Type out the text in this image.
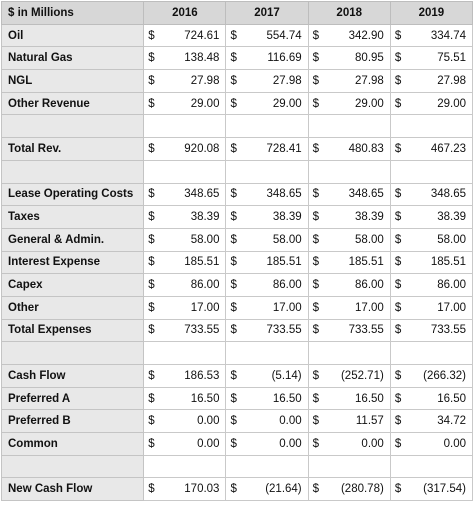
$ in Millions	2016	2017	2018	2019
Oil	$ 724.61	$ 554.74	$ 342.90	$ 334.74
Natural Gas	$ 138.48	$ 116.69	$ 80.95	$ 75.51
NGL	$ 27.98	$ 27.98	$ 27.98	$ 27.98
Other Revenue	$ 29.00	$ 29.00	$ 29.00	$ 29.00

Total Rev.	$ 920.08	$ 728.41	$ 480.83	$ 467.23

Lease Operating Costs	$ 348.65	$ 348.65	$ 348.65	$ 348.65
Taxes	$ 38.39	$ 38.39	$ 38.39	$ 38.39
General & Admin.	$ 58.00	$ 58.00	$ 58.00	$ 58.00
Interest Expense	$ 185.51	$ 185.51	$ 185.51	$ 185.51
Capex	$ 86.00	$ 86.00	$ 86.00	$ 86.00
Other	$ 17.00	$ 17.00	$ 17.00	$ 17.00
Total Expenses	$ 733.55	$ 733.55	$ 733.55	$ 733.55

Cash Flow	$ 186.53	$ (5.14)	$ (252.71)	$ (266.32)
Preferred A	$ 16.50	$ 16.50	$ 16.50	$ 16.50
Preferred B	$ 0.00	$ 0.00	$ 11.57	$ 34.72
Common	$ 0.00	$ 0.00	$ 0.00	$ 0.00

New Cash Flow	$ 170.03	$ (21.64)	$ (280.78)	$ (317.54)
